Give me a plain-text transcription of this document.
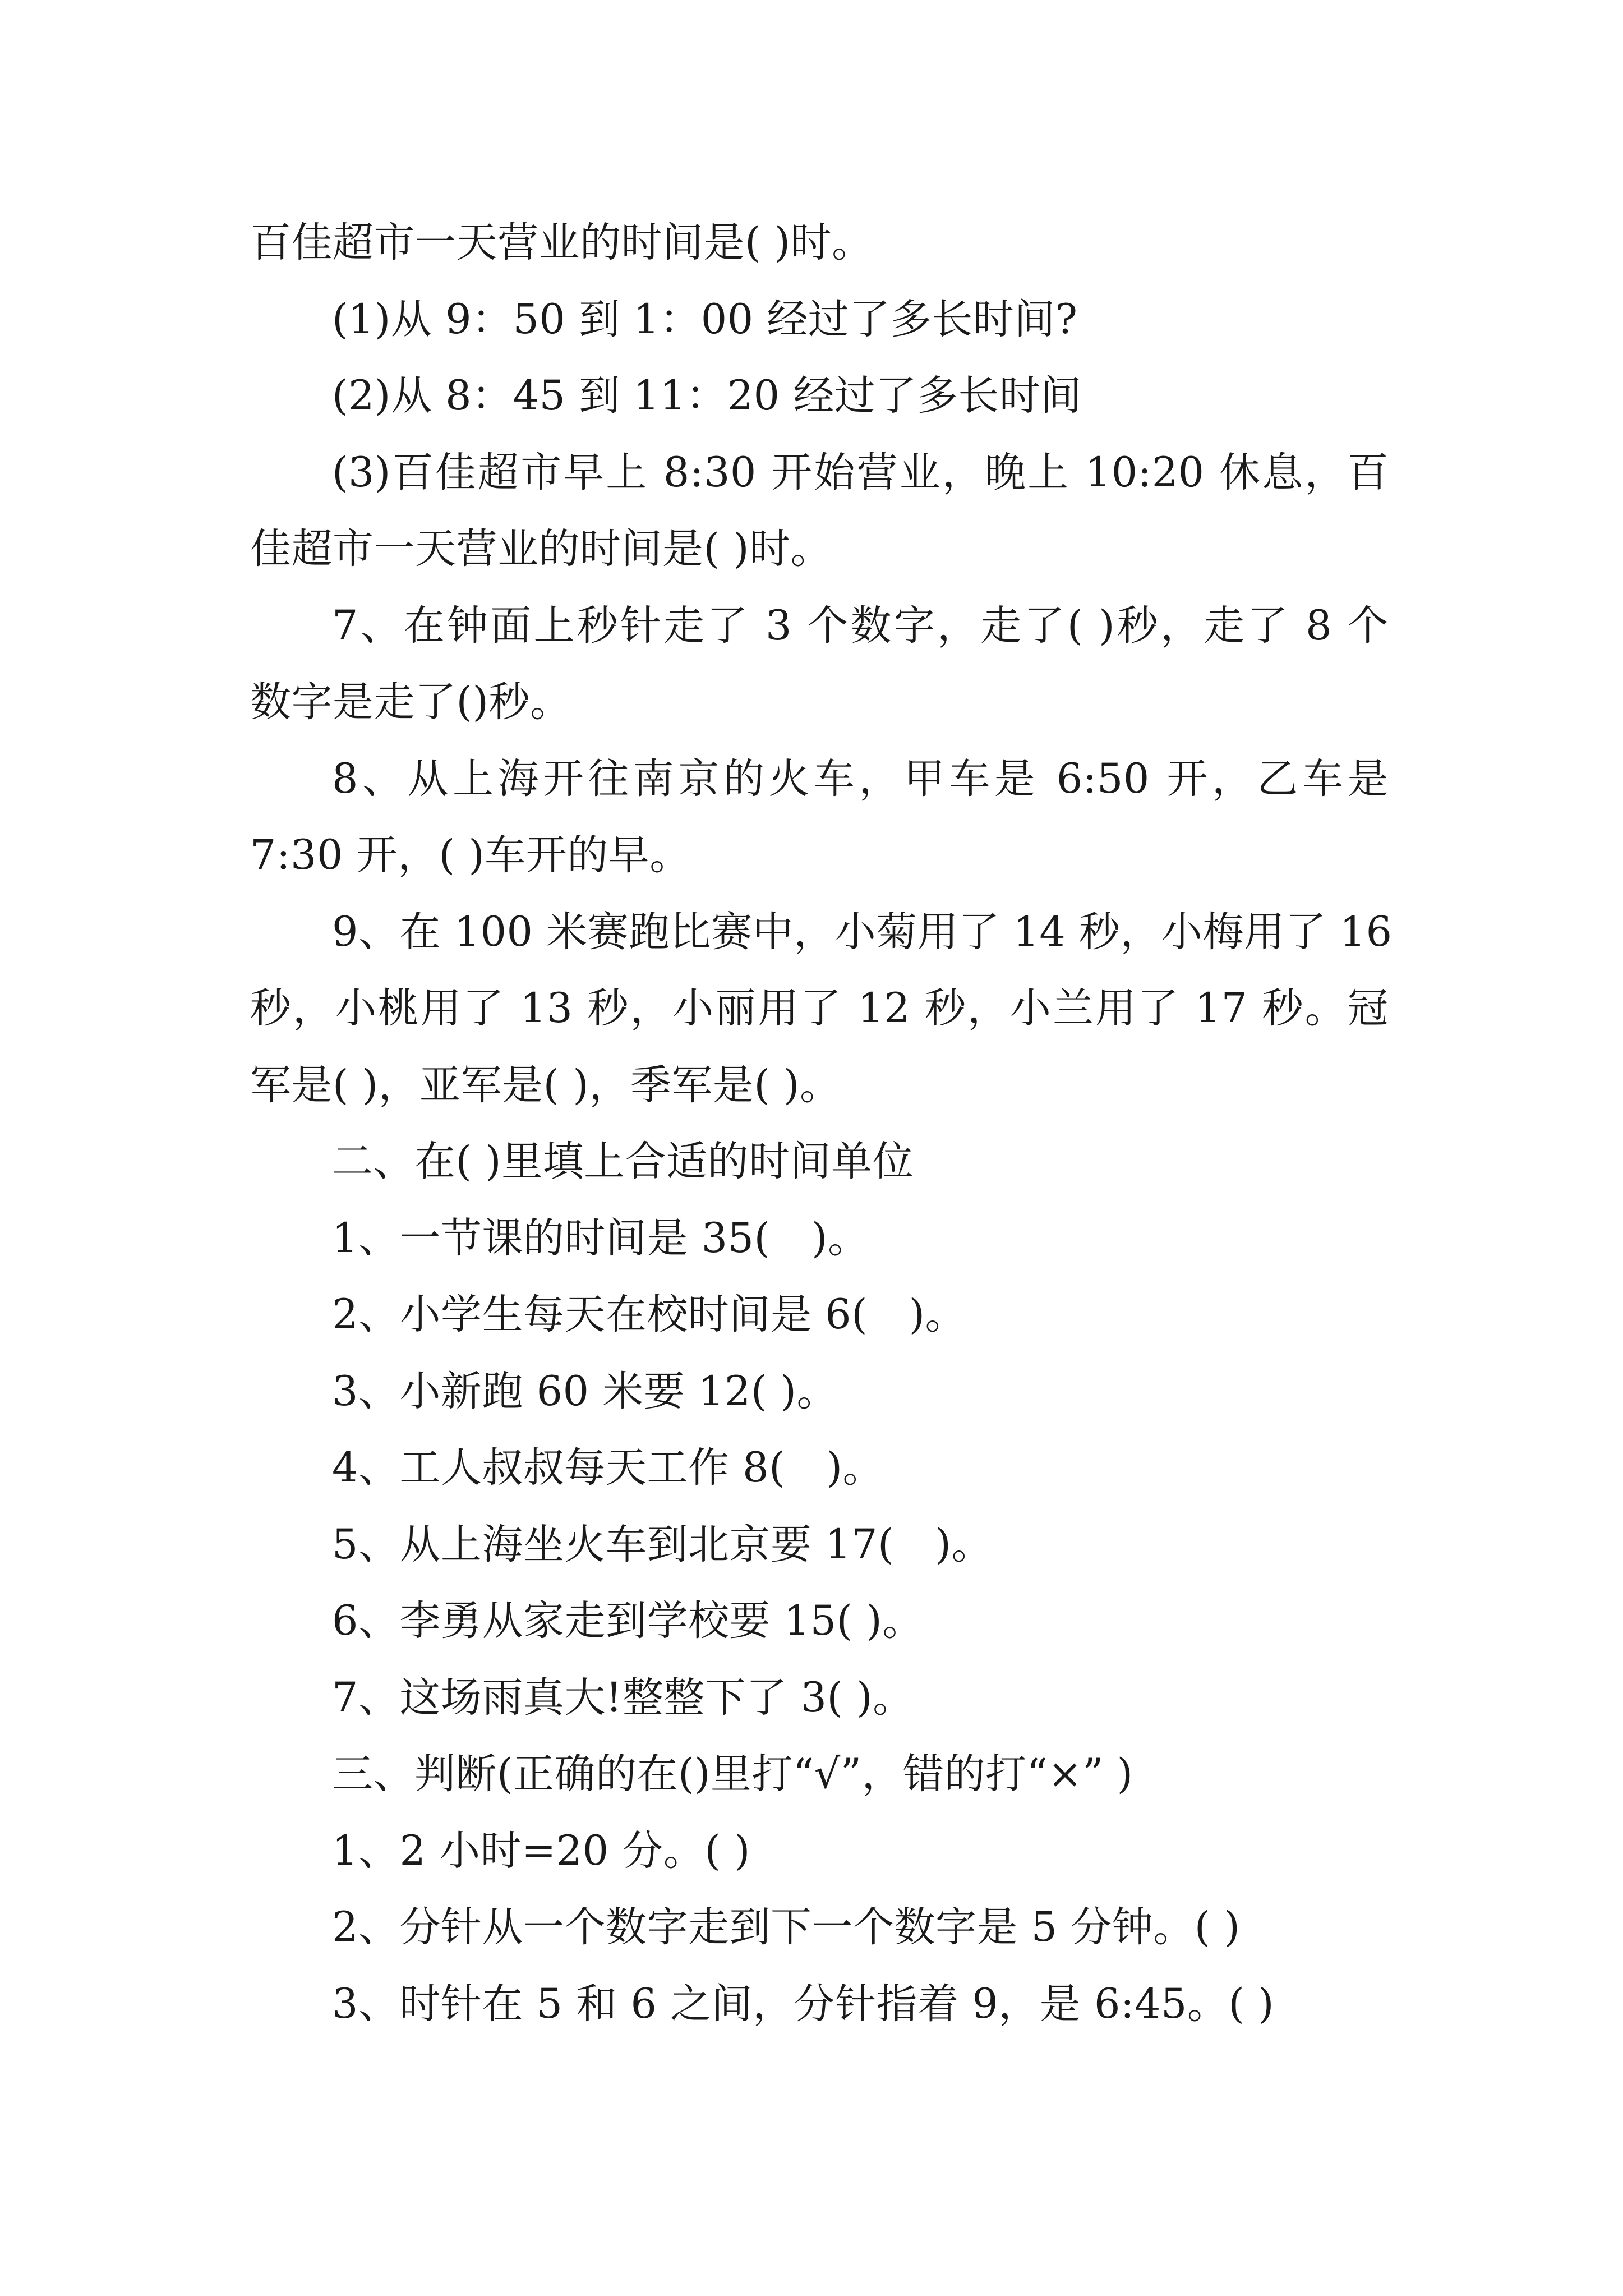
百佳超市一天营业的时间是( )时。
(1)从 9：50 到 1：00 经过了多长时间?
(2)从 8：45 到 11：20 经过了多长时间
(3)百佳超市早上 8:30 开始营业，晚上 10:20 休息，百
佳超市一天营业的时间是( )时。
7、在钟面上秒针走了 3 个数字，走了( )秒，走了 8 个
数字是走了()秒。
8、从上海开往南京的火车，甲车是 6:50 开，乙车是
7:30 开，( )车开的早。
9、在 100 米赛跑比赛中，小菊用了 14 秒，小梅用了 16
秒，小桃用了 13 秒，小丽用了 12 秒，小兰用了 17 秒。冠
军是( )，亚军是( )，季军是( )。
二、在( )里填上合适的时间单位
1、一节课的时间是 35(　)。
2、小学生每天在校时间是 6(　)。
3、小新跑 60 米要 12( )。
4、工人叔叔每天工作 8(　)。
5、从上海坐火车到北京要 17(　)。
6、李勇从家走到学校要 15( )。
7、这场雨真大!整整下了 3( )。
三、判断(正确的在()里打“√”，错的打“×” )
1、2 小时=20 分。( )
2、分针从一个数字走到下一个数字是 5 分钟。( )
3、时针在 5 和 6 之间，分针指着 9，是 6:45。( )
